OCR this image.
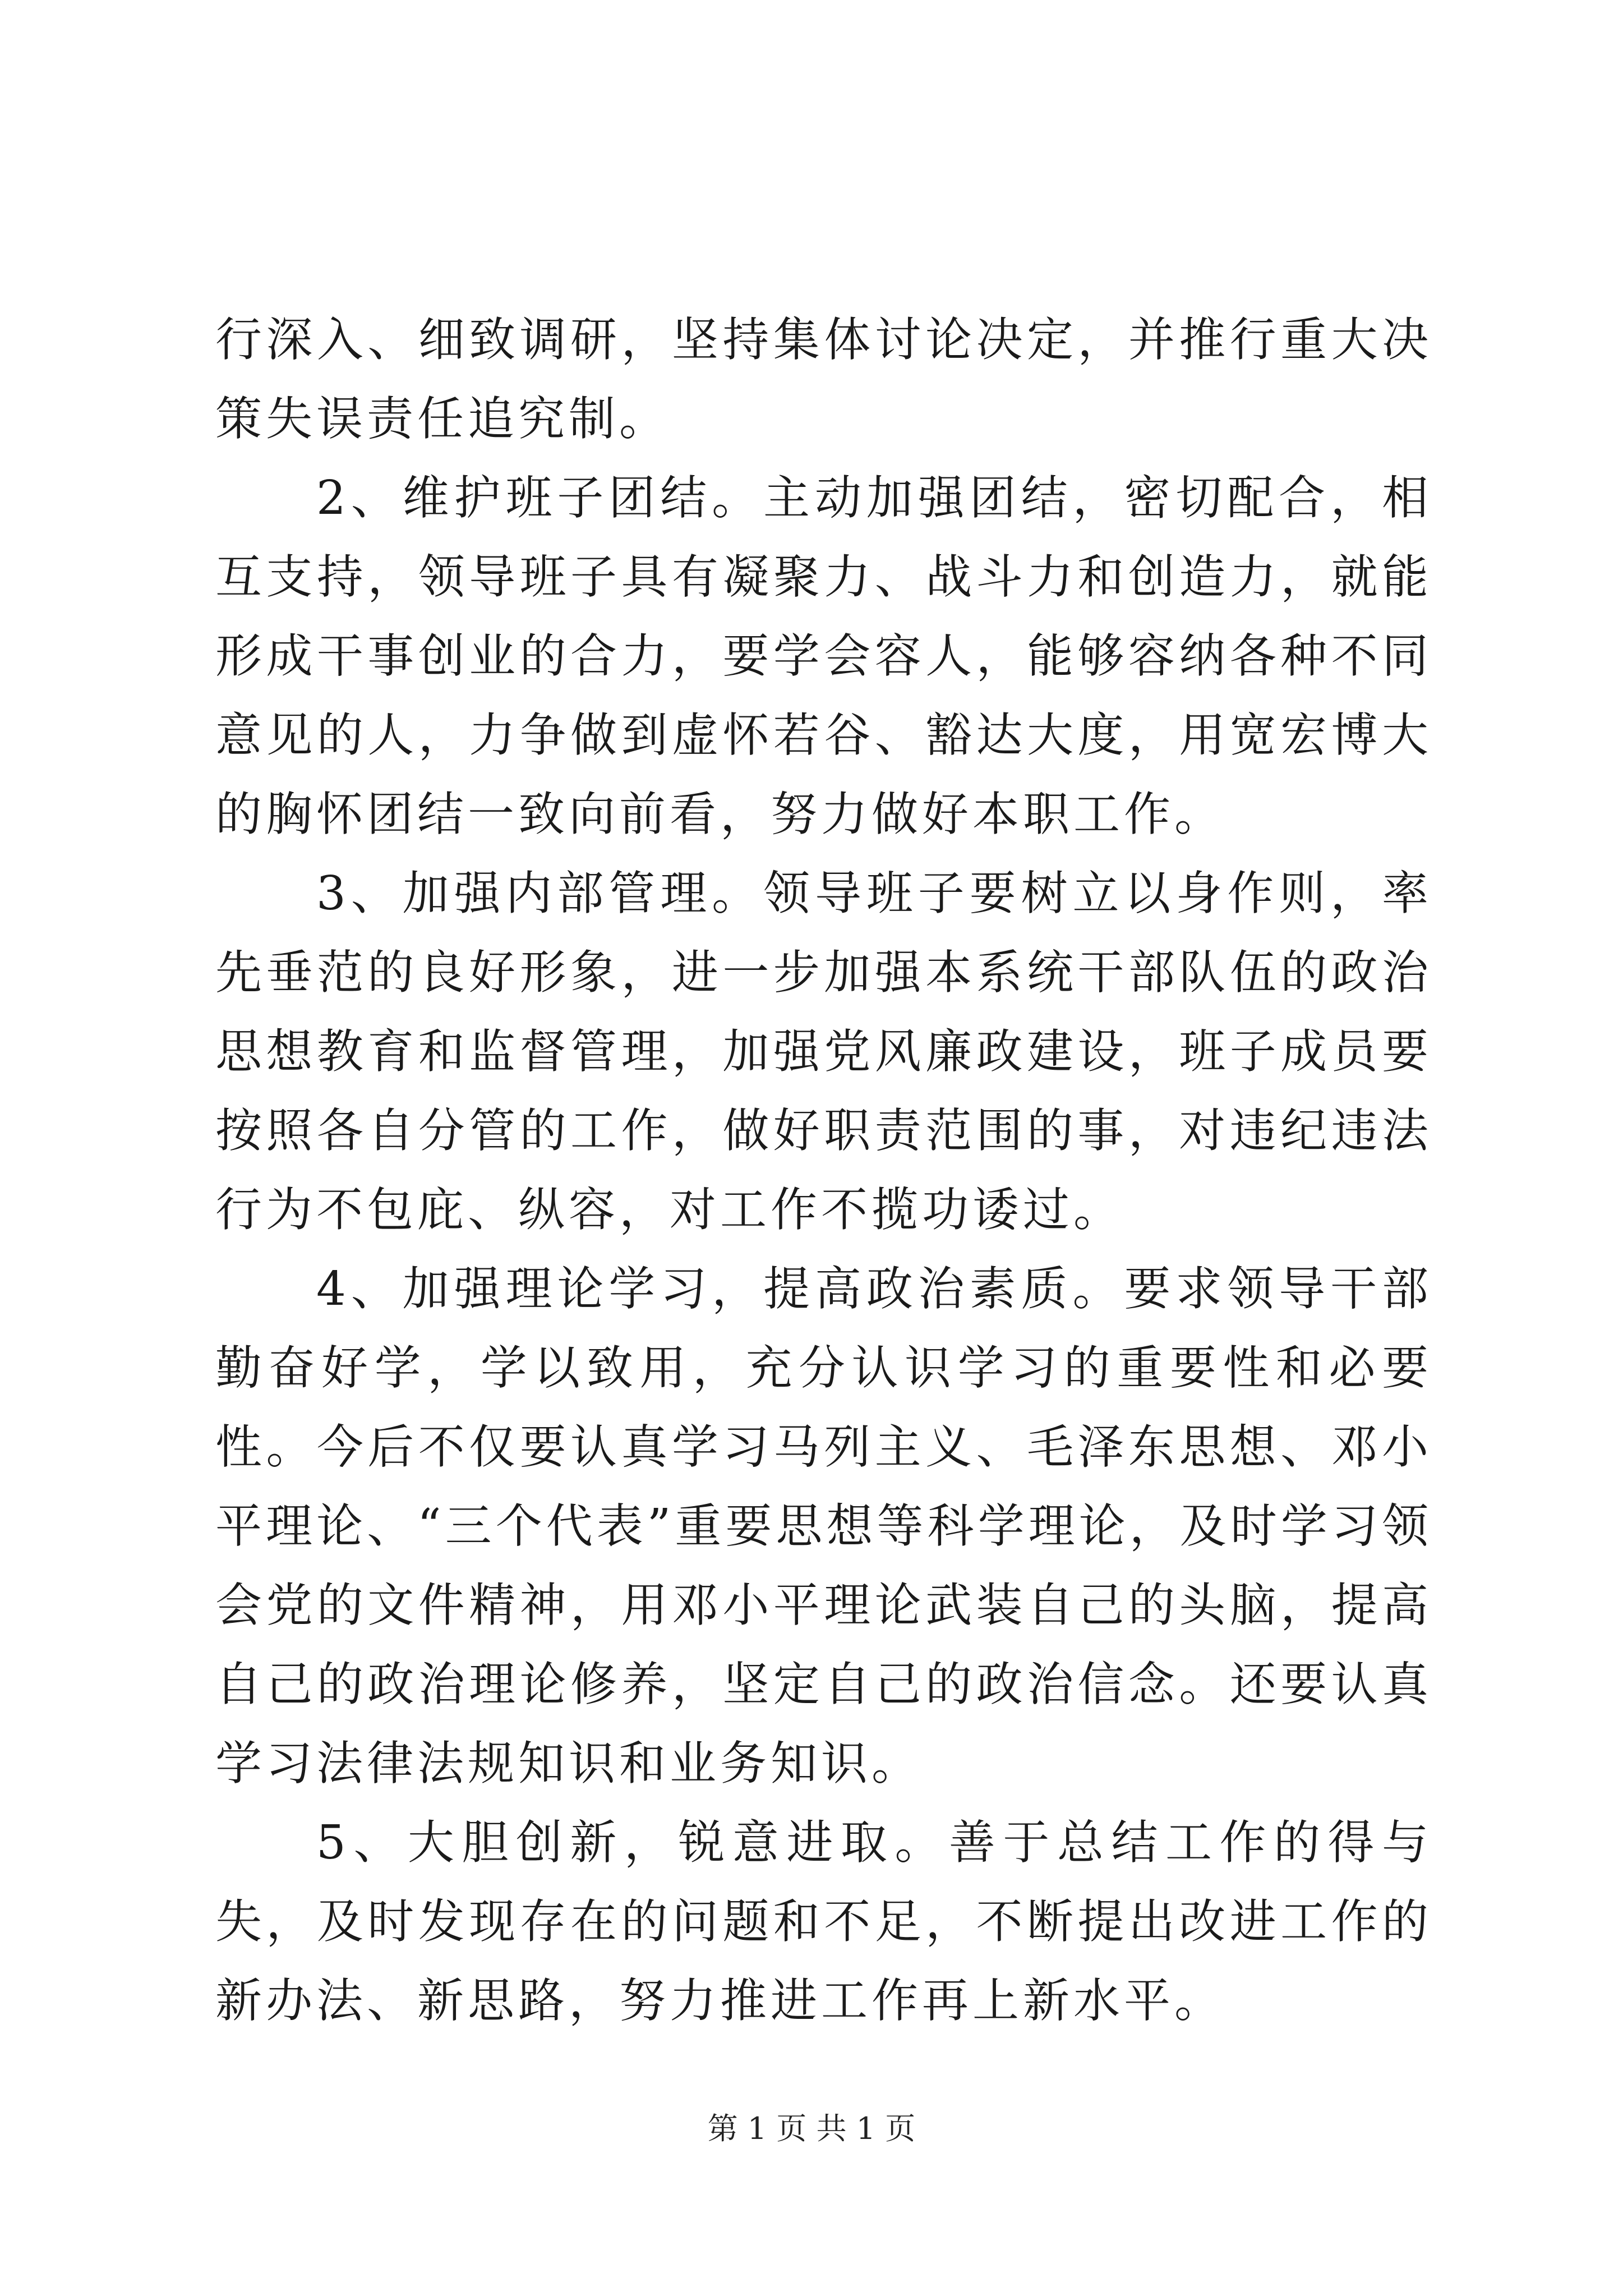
行深入、细致调研，坚持集体讨论决定，并推行重大决策失误责任追究制。

2、维护班子团结。主动加强团结，密切配合，相互支持，领导班子具有凝聚力、战斗力和创造力，就能形成干事创业的合力，要学会容人，能够容纳各种不同意见的人，力争做到虚怀若谷、豁达大度，用宽宏博大的胸怀团结一致向前看，努力做好本职工作。

3、加强内部管理。领导班子要树立以身作则，率先垂范的良好形象，进一步加强本系统干部队伍的政治思想教育和监督管理，加强党风廉政建设，班子成员要按照各自分管的工作，做好职责范围的事，对违纪违法行为不包庇、纵容，对工作不揽功诿过。

4、加强理论学习，提高政治素质。要求领导干部勤奋好学，学以致用，充分认识学习的重要性和必要性。今后不仅要认真学习马列主义、毛泽东思想、邓小平理论、“三个代表”重要思想等科学理论，及时学习领会党的文件精神，用邓小平理论武装自己的头脑，提高自己的政治理论修养，坚定自己的政治信念。还要认真学习法律法规知识和业务知识。

5、大胆创新，锐意进取。善于总结工作的得与失，及时发现存在的问题和不足，不断提出改进工作的新办法、新思路，努力推进工作再上新水平。

第 1 页 共 1 页
